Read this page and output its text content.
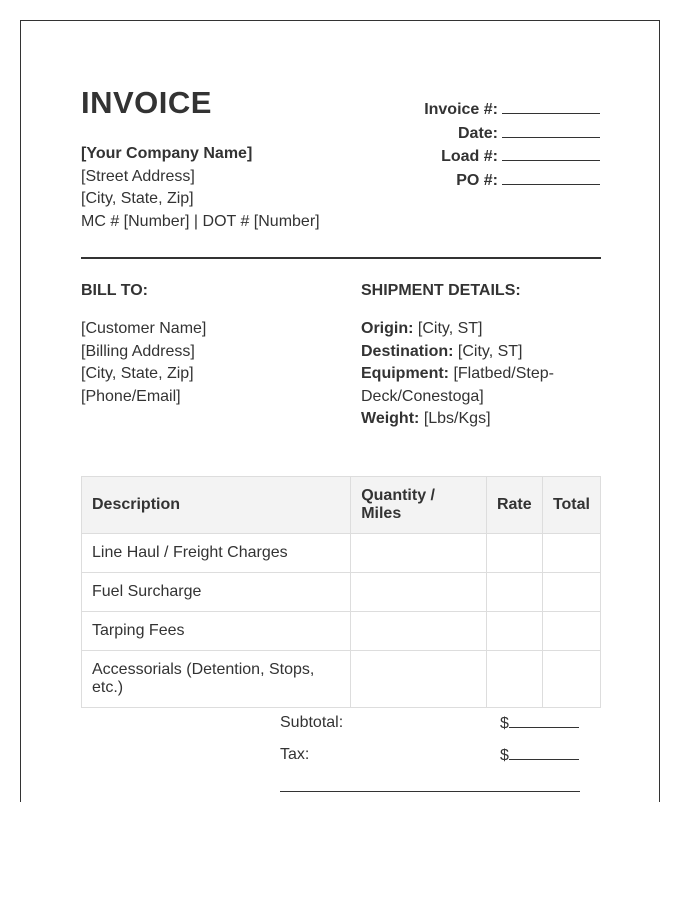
INVOICE
[Your Company Name]
[Street Address]
[City, State, Zip]
MC # [Number] | DOT # [Number]
Invoice #:
Date:
Load #:
PO #:
BILL TO:	SHIPMENT DETAILS:
[Customer Name]
[Billing Address]
[City, State, Zip]
[Phone/Email]
Origin: [City, ST]
Destination: [City, ST]
Equipment: [Flatbed/Step-Deck/Conestoga]
Weight: [Lbs/Kgs]
Description	Quantity / Miles	Rate	Total
Line Haul / Freight Charges			
Fuel Surcharge			
Tarping Fees			
Accessorials (Detention, Stops, etc.)			
Subtotal:	$
Tax:	$
